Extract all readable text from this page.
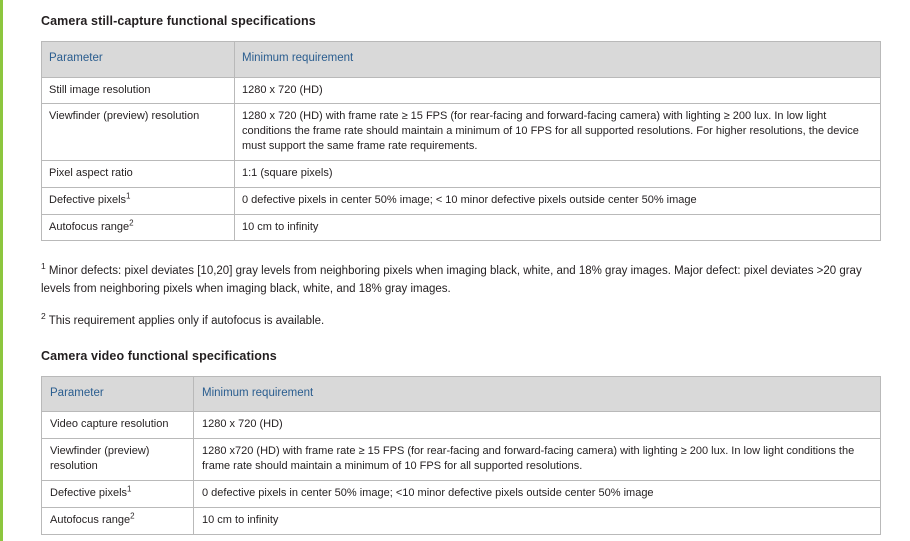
Camera still-capture functional specifications
Parameter	Minimum requirement
Still image resolution	1280 x 720 (HD)
Viewfinder (preview) resolution	1280 x 720 (HD) with frame rate ≥ 15 FPS (for rear-facing and forward-facing camera) with lighting ≥ 200 lux. In low light conditions the frame rate should maintain a minimum of 10 FPS for all supported resolutions. For higher resolutions, the device must support the same frame rate requirements.
Pixel aspect ratio	1:1 (square pixels)
Defective pixels$^1$	0 defective pixels in center 50% image; < 10 minor defective pixels outside center 50% image
Autofocus range$^2$	10 cm to infinity

$^1$ Minor defects: pixel deviates [10,20] gray levels from neighboring pixels when imaging black, white, and 18% gray images. Major defect: pixel deviates >20 gray levels from neighboring pixels when imaging black, white, and 18% gray images.

$^2$ This requirement applies only if autofocus is available.

Camera video functional specifications
Parameter	Minimum requirement
Video capture resolution	1280 x 720 (HD)
Viewfinder (preview) resolution	1280 x720 (HD) with frame rate ≥ 15 FPS (for rear-facing and forward-facing camera) with lighting ≥ 200 lux. In low light conditions the frame rate should maintain a minimum of 10 FPS for all supported resolutions.
Defective pixels$^1$	0 defective pixels in center 50% image; <10 minor defective pixels outside center 50% image
Autofocus range$^2$	10 cm to infinity
